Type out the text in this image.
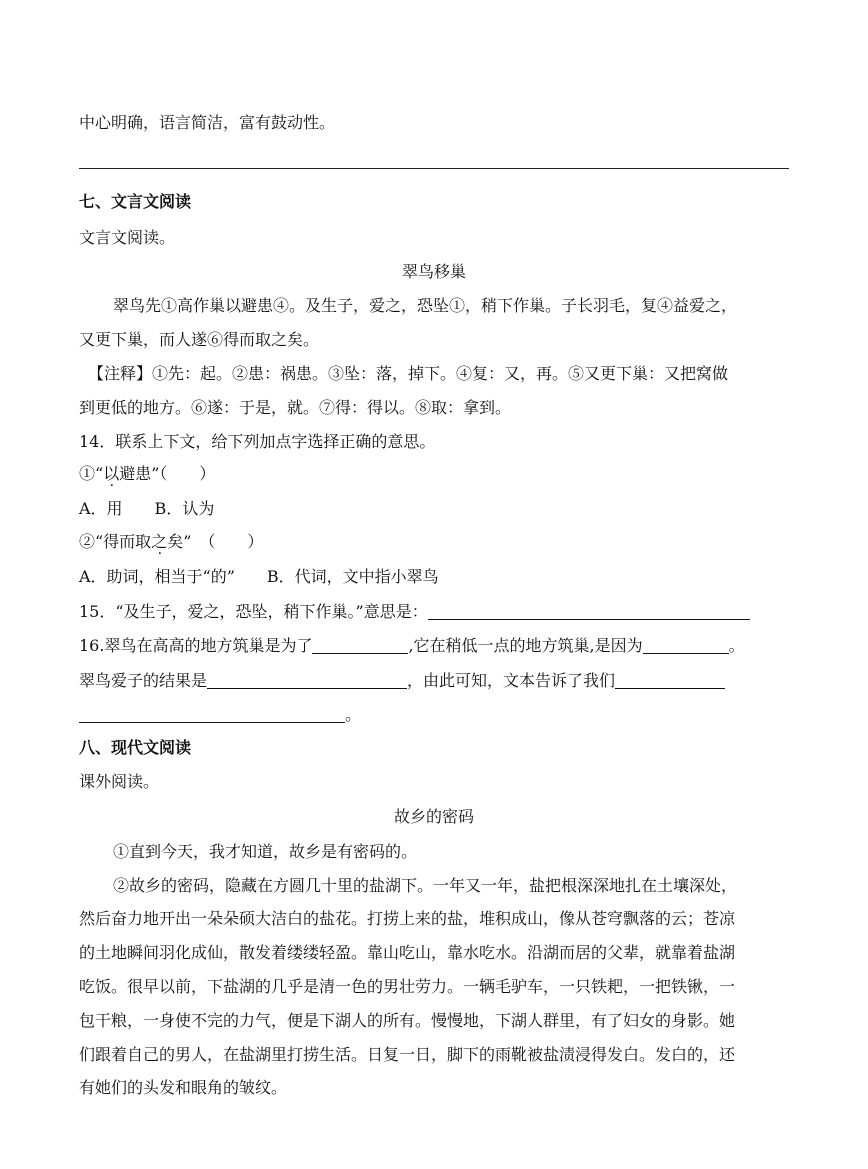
中心明确，语言简洁，富有鼓动性。
七、文言文阅读
文言文阅读。
翠鸟移巢
翠鸟先①高作巢以避患④。及生子，爱之，恐坠①，稍下作巢。子长羽毛，复④益爱之，
又更下巢，而人遂⑥得而取之矣。
【注释】①先：起。②患：祸患。③坠：落，掉下。④复：又，再。⑤又更下巢：又把窝做
到更低的地方。⑥遂：于是，就。⑦得：得以。⑧取：拿到。
14．联系上下文，给下列加点字选择正确的意思。
①“以避患”（　　）
A．用　　B．认为
②“得而取之矣”　（　　）
A．助词，相当于“的”　　B．代词，文中指小翠鸟
15．“及生子，爱之，恐坠，稍下作巢。”意思是：
16.翠鸟在高高的地方筑巢是为了	,它在稍低一点的地方筑巢,是因为	。
翠鸟爱子的结果是	，由此可知，文本告诉了我们
。
八、现代文阅读
课外阅读。
故乡的密码
①直到今天，我才知道，故乡是有密码的。
②故乡的密码，隐藏在方圆几十里的盐湖下。一年又一年，盐把根深深地扎在土壤深处，
然后奋力地开出一朵朵硕大洁白的盐花。打捞上来的盐，堆积成山，像从苍穹飘落的云；苍凉
的土地瞬间羽化成仙，散发着缕缕轻盈。靠山吃山，靠水吃水。沿湖而居的父辈，就靠着盐湖
吃饭。很早以前，下盐湖的几乎是清一色的男壮劳力。一辆毛驴车，一只铁耙，一把铁锹，一
包干粮，一身使不完的力气，便是下湖人的所有。慢慢地，下湖人群里，有了妇女的身影。她
们跟着自己的男人，在盐湖里打捞生活。日复一日，脚下的雨靴被盐渍浸得发白。发白的，还
有她们的头发和眼角的皱纹。
